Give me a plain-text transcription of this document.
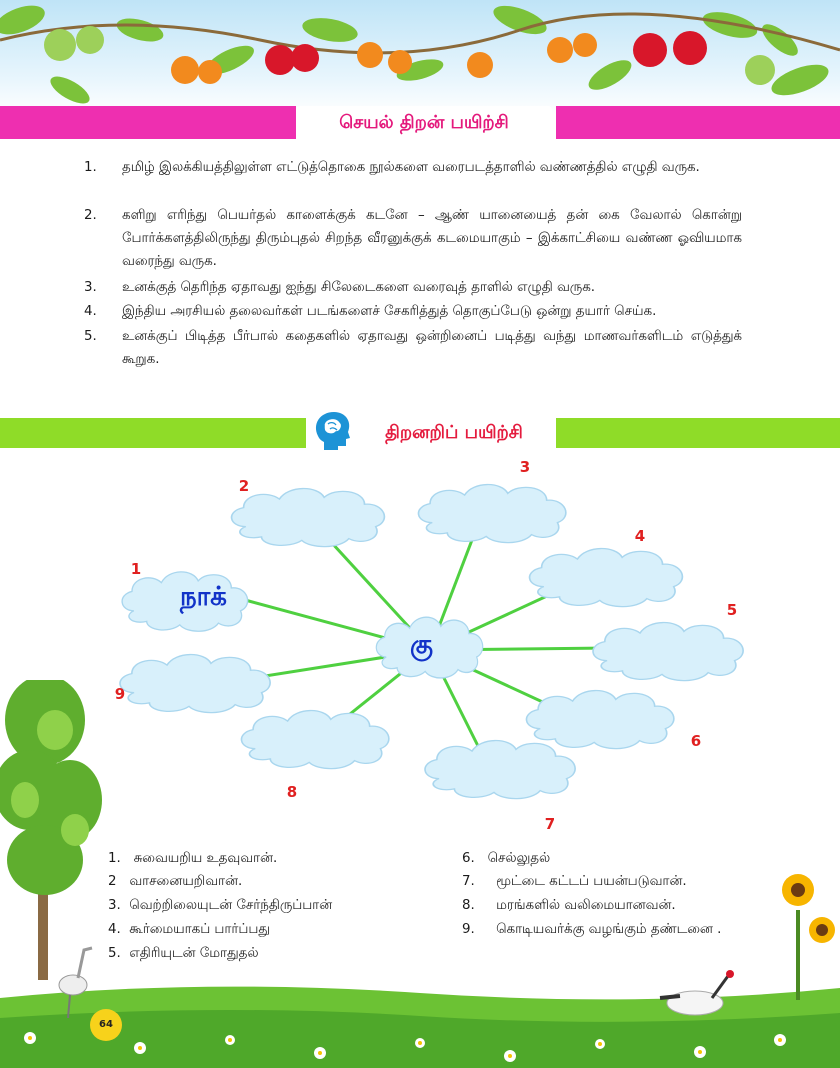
செயல் திறன் பயிற்சி
1.	தமிழ் இலக்கியத்திலுள்ள எட்டுத்தொகை நூல்களை வரைபடத்தாளில் வண்ணத்தில் எழுதி வருக.
2.	களிறு எரிந்து பெயர்தல் காளைக்குக் கடனே – ஆண் யானையைத் தன் கை வேலால் கொன்று போர்க்களத்திலிருந்து திரும்புதல் சிறந்த வீரனுக்குக் கடமையாகும் – இக்காட்சியை வண்ண ஓவியமாக வரைந்து வருக.
3.	உனக்குத் தெரிந்த ஏதாவது ஐந்து சிலேடைகளை வரைவுத் தாளில் எழுதி வருக.
4.	இந்திய அரசியல் தலைவர்கள் படங்களைச் சேகரித்துத் தொகுப்பேடு ஒன்று தயார் செய்க.
5.	உனக்குப் பிடித்த பீர்பால் கதைகளில் ஏதாவது ஒன்றினைப் படித்து வந்து மாணவர்களிடம் எடுத்துக் கூறுக.
திறனறிப் பயிற்சி
கு
நாக்
1
2
3
4
5
6
7
8
9
1. சுவையறிய உதவுவான்.
2 வாசனையறிவான்.
3. வெற்றிலையுடன் சேர்ந்திருப்பான்
4. கூர்மையாகப் பார்ப்பது
5. எதிரியுடன் மோதுதல்
6. செல்லுதல்
7. மூட்டை கட்டப் பயன்படுவான்.
8. மரங்களில் வலிமையானவன்.
9. கொடியவர்க்கு வழங்கும் தண்டனை .
64
